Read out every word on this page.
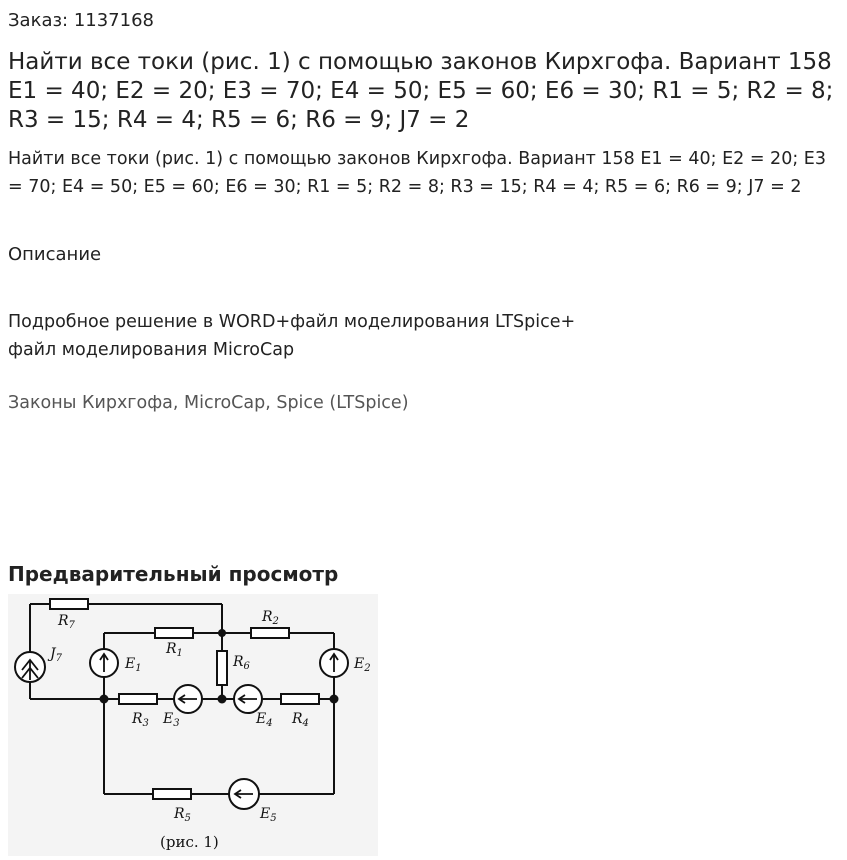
Заказ: 1137168
Найти все токи (рис. 1) с помощью законов Кирхгофа. Вариант 158 E1 = 40; E2 = 20; E3 = 70; E4 = 50; E5 = 60; E6 = 30; R1 = 5; R2 = 8; R3 = 15; R4 = 4; R5 = 6; R6 = 9; J7 = 2
Найти все токи (рис. 1) с помощью законов Кирхгофа. Вариант 158 E1 = 40; E2 = 20; E3 = 70; E4 = 50; E5 = 60; E6 = 30; R1 = 5; R2 = 8; R3 = 15; R4 = 4; R5 = 6; R6 = 9; J7 = 2
Описание
Подробное решение в WORD+файл моделирования LTSpice+
файл моделирования MicroCap
Законы Кирхгофа, MicroCap, Spice (LTSpice)
Предварительный просмотр
$R_7$
$J_7$
$R_1$
$R_2$
$R_6$
$E_1$	$E_2$
$R_3$ $E_3$	$E_4$ $R_4$
$R_5$	$E_5$
(рис. 1)
